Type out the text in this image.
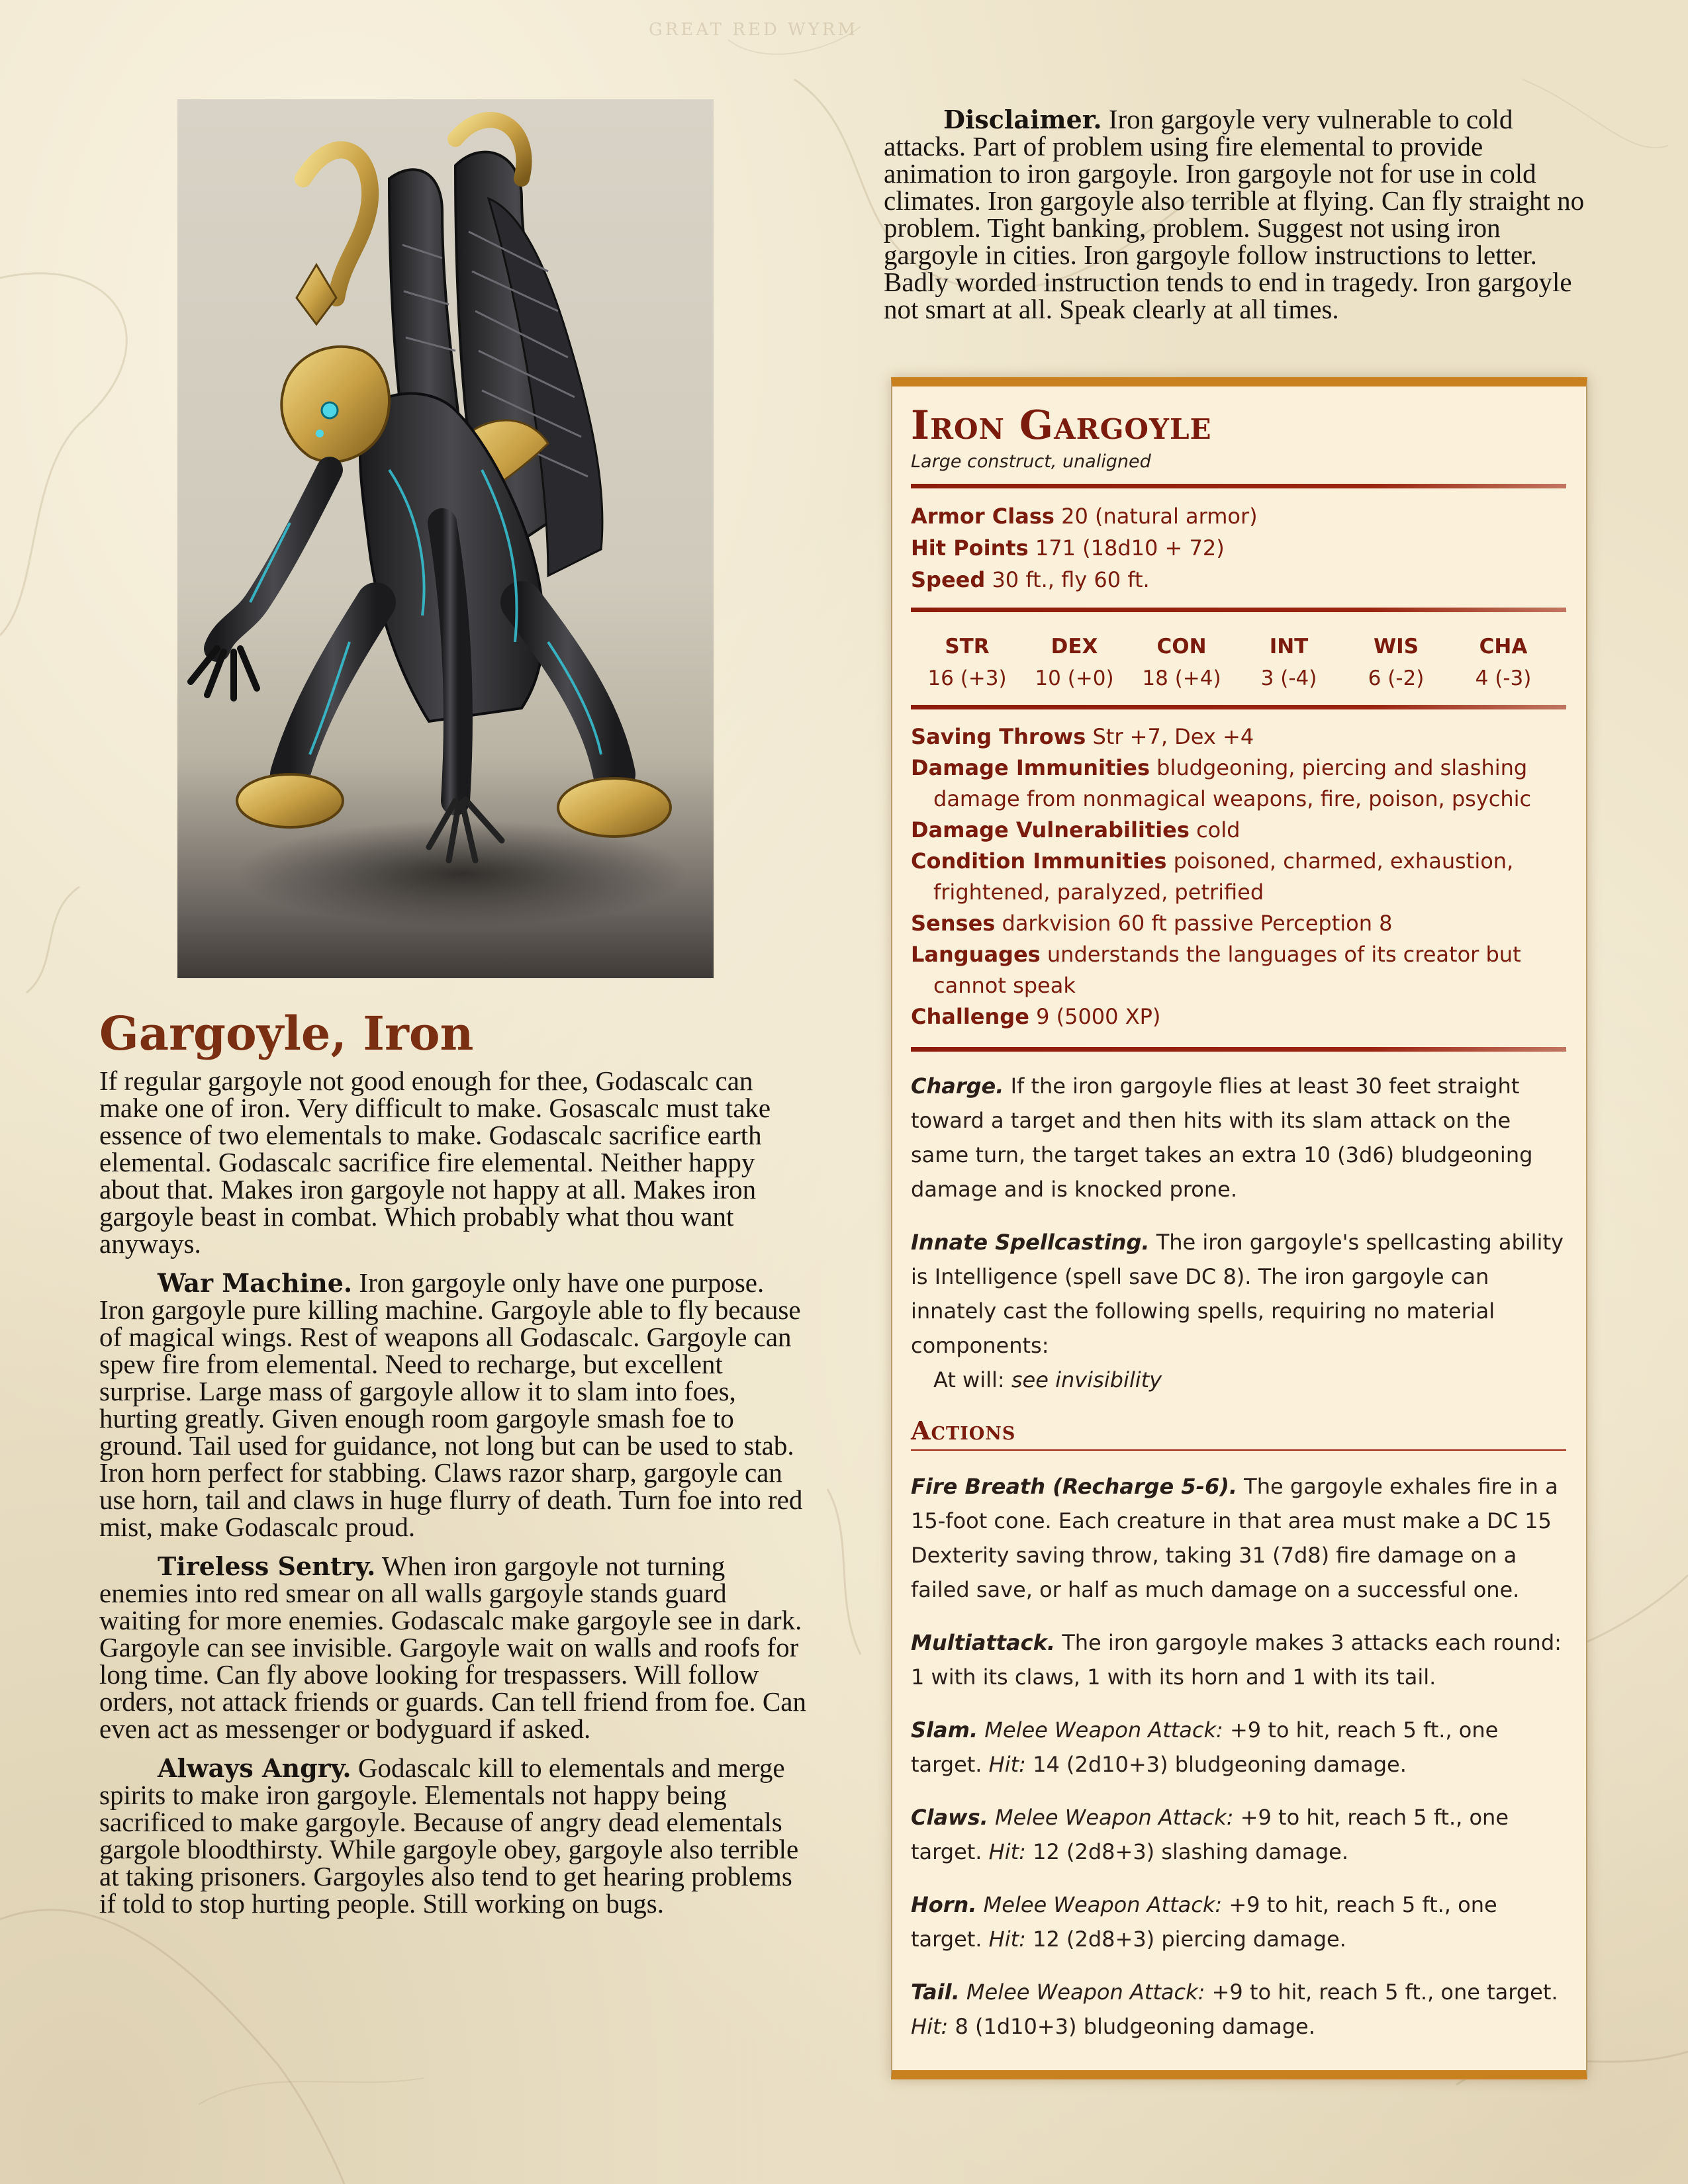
GREAT RED WYRM
Gargoyle, Iron

If regular gargoyle not good enough for thee, Godascalc can make one of iron. Very difficult to make. Gosascalc must take essence of two elementals to make. Godascalc sacrifice earth elemental. Godascalc sacrifice fire elemental. Neither happy about that. Makes iron gargoyle not happy at all. Makes iron gargoyle beast in combat. Which probably what thou want anyways.

War Machine. Iron gargoyle only have one purpose. Iron gargoyle pure killing machine. Gargoyle able to fly because of magical wings. Rest of weapons all Godascalc. Gargoyle can spew fire from elemental. Need to recharge, but excellent surprise. Large mass of gargoyle allow it to slam into foes, hurting greatly. Given enough room gargoyle smash foe to ground. Tail used for guidance, not long but can be used to stab. Iron horn perfect for stabbing. Claws razor sharp, gargoyle can use horn, tail and claws in huge flurry of death. Turn foe into red mist, make Godascalc proud.

Tireless Sentry. When iron gargoyle not turning enemies into red smear on all walls gargoyle stands guard waiting for more enemies. Godascalc make gargoyle see in dark. Gargoyle can see invisible. Gargoyle wait on walls and roofs for long time. Can fly above looking for trespassers. Will follow orders, not attack friends or guards. Can tell friend from foe. Can even act as messenger or bodyguard if asked.

Always Angry. Godascalc kill to elementals and merge spirits to make iron gargoyle. Elementals not happy being sacrificed to make gargoyle. Because of angry dead elementals gargole bloodthirsty. While gargoyle obey, gargoyle also terrible at taking prisoners. Gargoyles also tend to get hearing problems if told to stop hurting people. Still working on bugs.

Disclaimer. Iron gargoyle very vulnerable to cold attacks. Part of problem using fire elemental to provide animation to iron gargoyle. Iron gargoyle not for use in cold climates. Iron gargoyle also terrible at flying. Can fly straight no problem. Tight banking, problem. Suggest not using iron gargoyle in cities. Iron gargoyle follow instructions to letter. Badly worded instruction tends to end in tragedy. Iron gargoyle not smart at all. Speak clearly at all times.

Iron Gargoyle
Large construct, unaligned

Armor Class 20 (natural armor)

Hit Points 171 (18d10 + 72)

Speed 30 ft., fly 60 ft.

STR
16 (+3)
DEX
10 (+0)
CON
18 (+4)
INT
3 (-4)
WIS
6 (-2)
CHA
4 (-3)

Saving Throws Str +7, Dex +4

Damage Immunities bludgeoning, piercing and slashing damage from nonmagical weapons, fire, poison, psychic

Damage Vulnerabilities cold

Condition Immunities poisoned, charmed, exhaustion, frightened, paralyzed, petrified

Senses darkvision 60 ft passive Perception 8

Languages understands the languages of its creator but cannot speak

Challenge 9 (5000 XP)

Charge. If the iron gargoyle flies at least 30 feet straight toward a target and then hits with its slam attack on the same turn, the target takes an extra 10 (3d6) bludgeoning damage and is knocked prone.

Innate Spellcasting. The iron gargoyle's spellcasting ability is Intelligence (spell save DC 8). The iron gargoyle can innately cast the following spells, requiring no material components:
At will: see invisibility

Actions

Fire Breath (Recharge 5-6). The gargoyle exhales fire in a 15-foot cone. Each creature in that area must make a DC 15 Dexterity saving throw, taking 31 (7d8) fire damage on a failed save, or half as much damage on a successful one.

Multiattack. The iron gargoyle makes 3 attacks each round: 1 with its claws, 1 with its horn and 1 with its tail.

Slam. Melee Weapon Attack: +9 to hit, reach 5 ft., one target. Hit: 14 (2d10+3) bludgeoning damage.

Claws. Melee Weapon Attack: +9 to hit, reach 5 ft., one target. Hit: 12 (2d8+3) slashing damage.

Horn. Melee Weapon Attack: +9 to hit, reach 5 ft., one target. Hit: 12 (2d8+3) piercing damage.

Tail. Melee Weapon Attack: +9 to hit, reach 5 ft., one target. Hit: 8 (1d10+3) bludgeoning damage.
